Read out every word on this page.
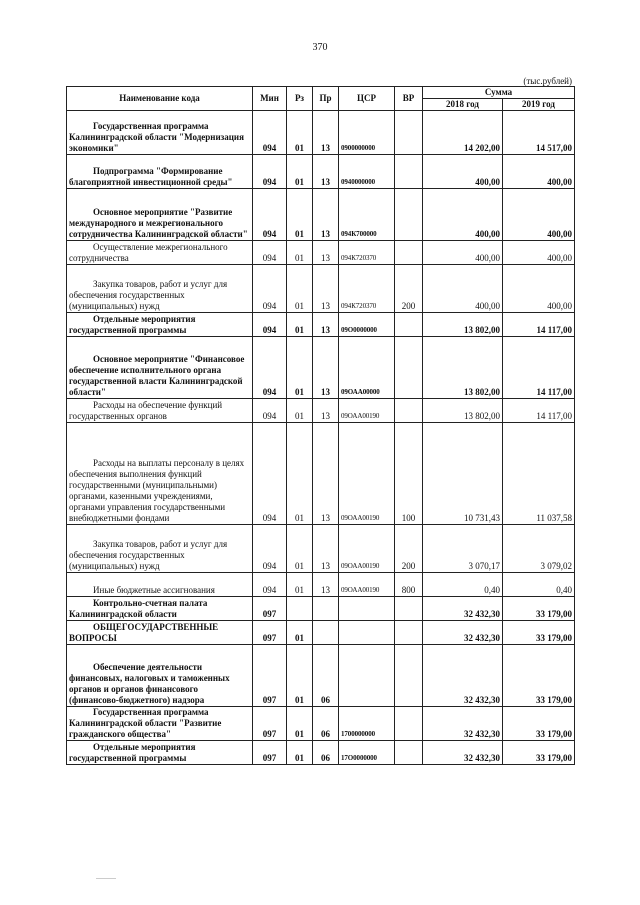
370
(тыс.рублей)
Наименование кода	Мин	Рз	Пр	ЦСР	ВР	Сумма	
						2018 год	2019 год
Государственная программа Калининградской области "Модернизация экономики"	094	01	13	0900000000		14 202,00	14 517,00
Подпрограмма "Формирование благоприятной инвестиционной среды"	094	01	13	0940000000		400,00	400,00
Основное мероприятие "Развитие международного и межрегионального сотрудничества Калининградской области"	094	01	13	094К700000		400,00	400,00
Осуществление межрегионального сотрудничества	094	01	13	094К720370		400,00	400,00
Закупка товаров, работ и услуг для обеспечения государственных (муниципальных) нужд	094	01	13	094К720370	200	400,00	400,00
Отдельные мероприятия государственной программы	094	01	13	09О0000000		13 802,00	14 117,00
Основное мероприятие "Финансовое обеспечение исполнительного органа государственной власти Калининградской области"	094	01	13	09ОАА00000		13 802,00	14 117,00
Расходы на обеспечение функций государственных органов	094	01	13	09ОАА00190		13 802,00	14 117,00
Расходы на выплаты персоналу в целях обеспечения выполнения функций государственными (муниципальными) органами, казенными учреждениями, органами управления государственными внебюджетными фондами	094	01	13	09ОАА00190	100	10 731,43	11 037,58
Закупка товаров, работ и услуг для обеспечения государственных (муниципальных) нужд	094	01	13	09ОАА00190	200	3 070,17	3 079,02
Иные бюджетные ассигнования	094	01	13	09ОАА00190	800	0,40	0,40
Контрольно-счетная палата Калининградской области	097					32 432,30	33 179,00
ОБЩЕГОСУДАРСТВЕННЫЕ ВОПРОСЫ	097	01				32 432,30	33 179,00
Обеспечение деятельности финансовых, налоговых и таможенных органов и органов финансового (финансово-бюджетного) надзора	097	01	06			32 432,30	33 179,00
Государственная программа Калининградской области "Развитие гражданского общества"	097	01	06	1700000000		32 432,30	33 179,00
Отдельные мероприятия государственной программы	097	01	06	17О0000000		32 432,30	33 179,00
